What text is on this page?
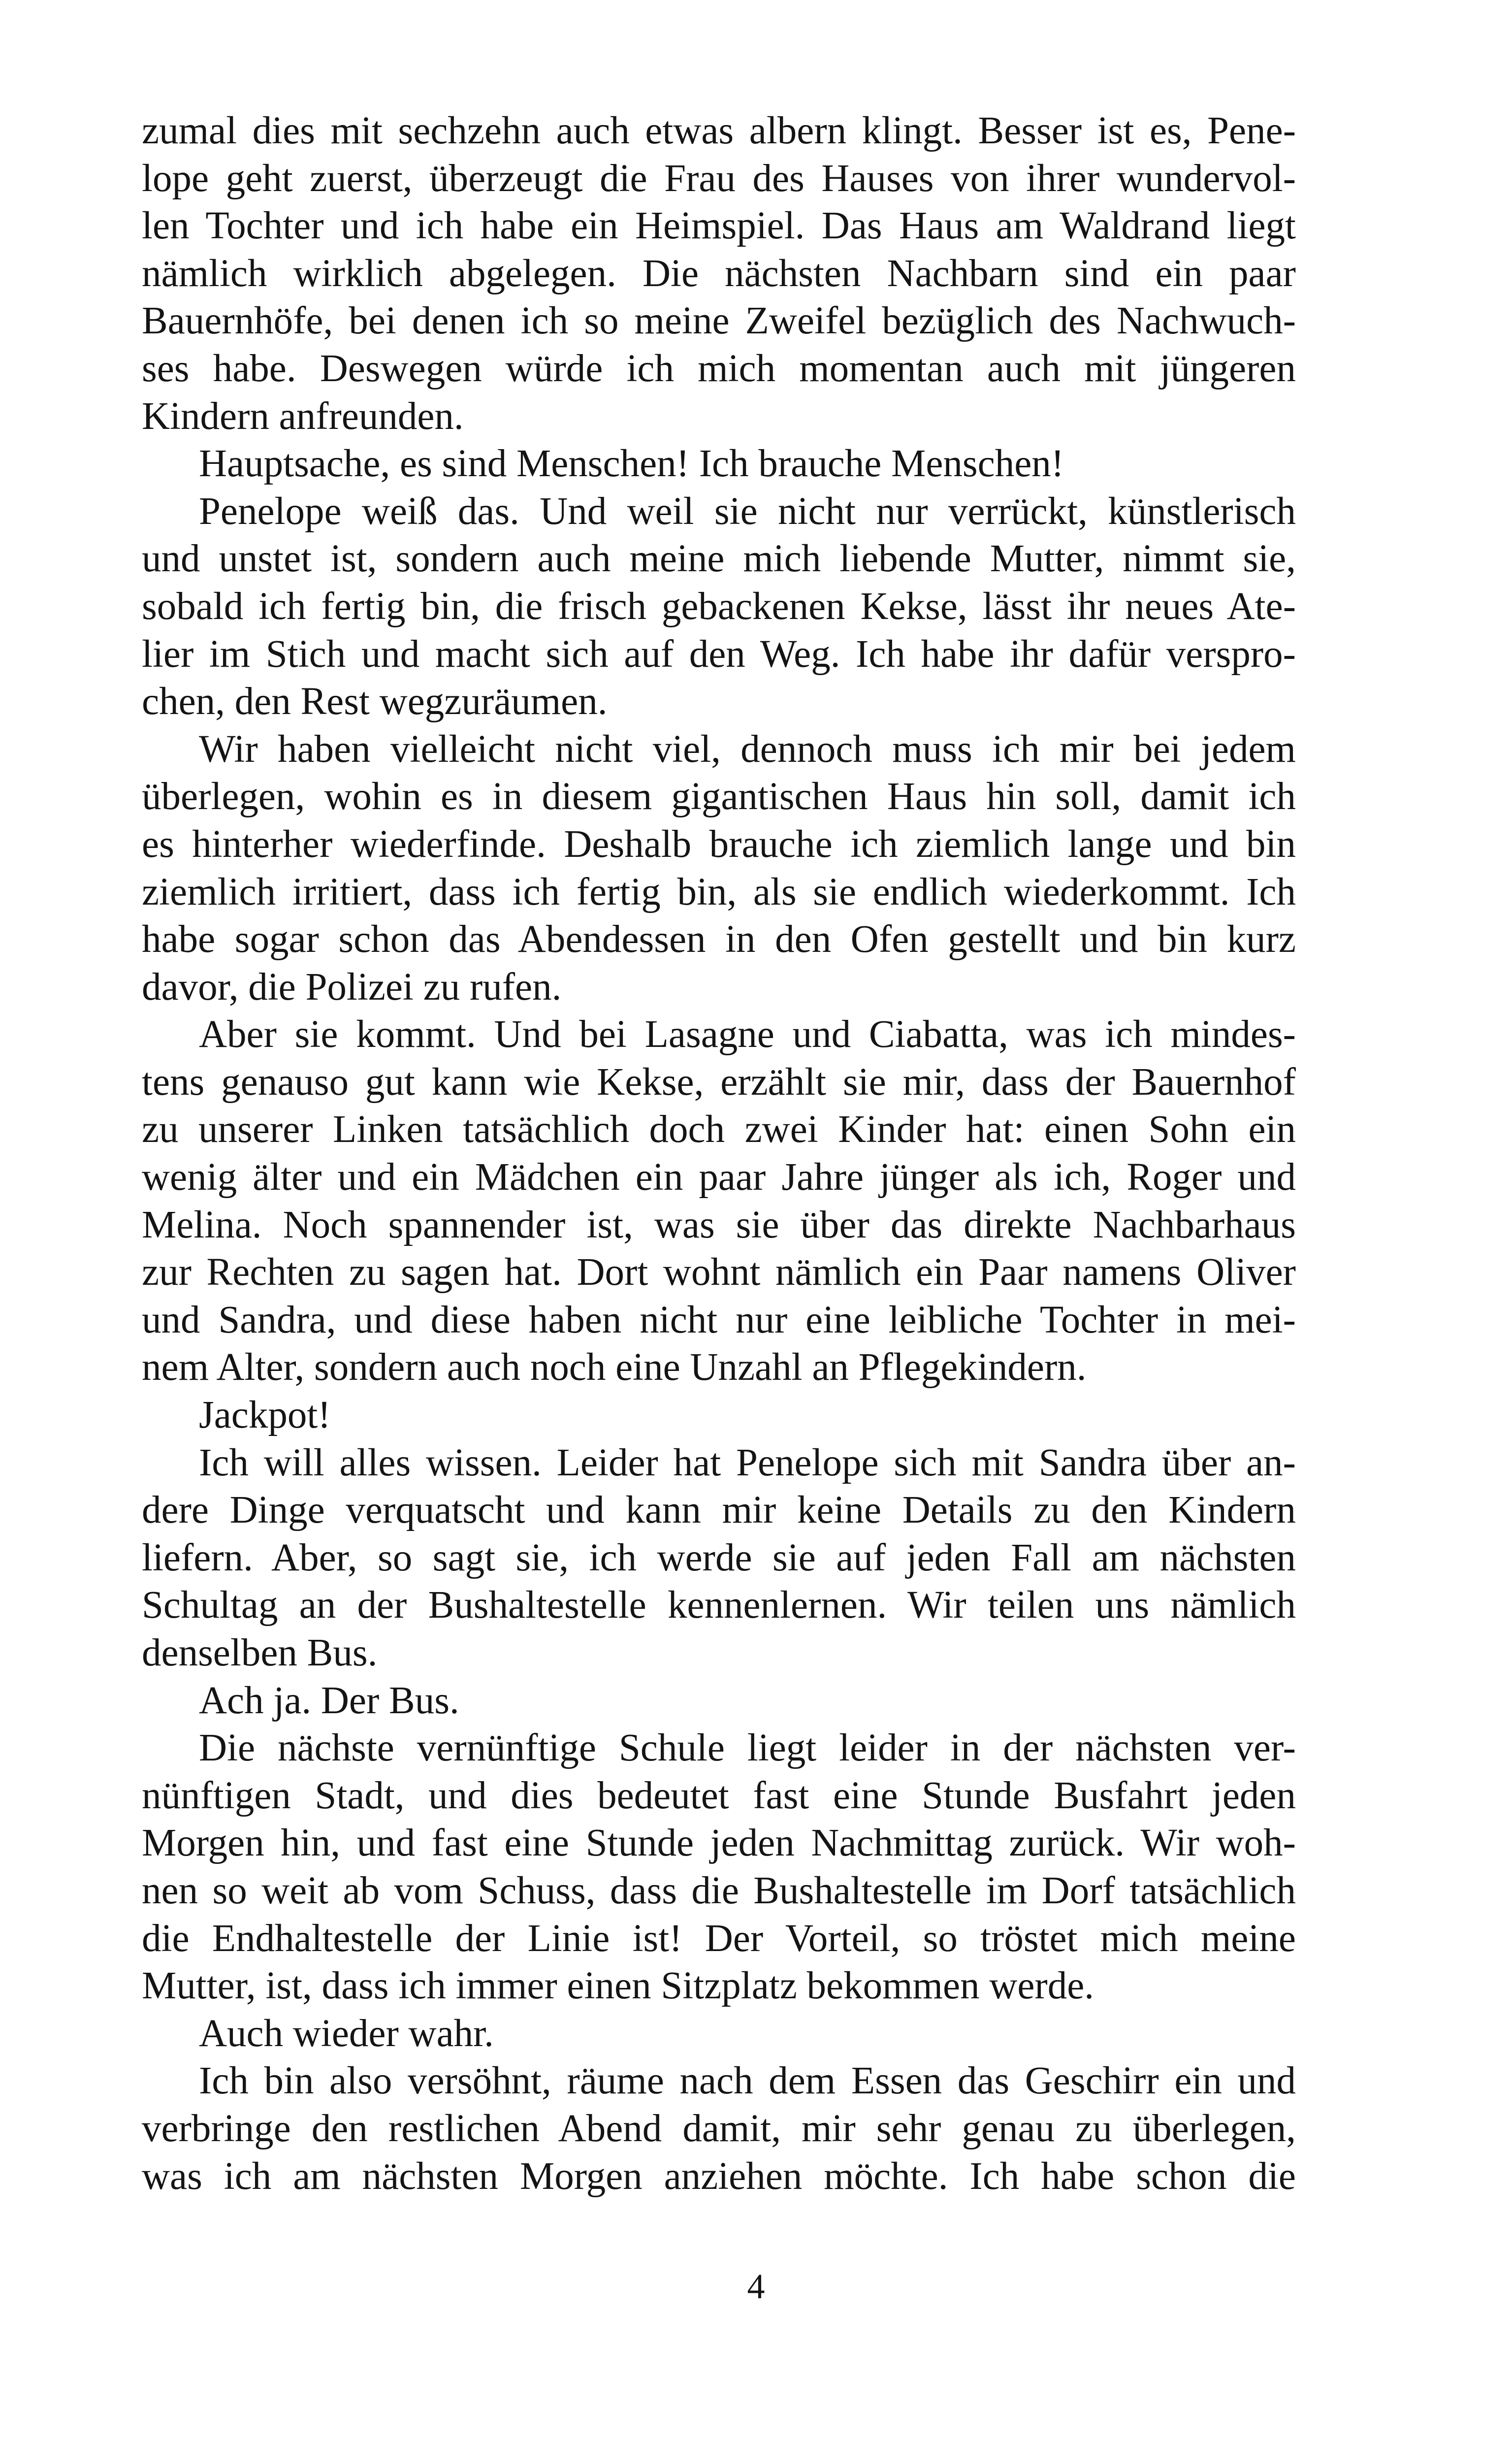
zumal dies mit sechzehn auch etwas albern klingt. Besser ist es, Pene-
lope geht zuerst, überzeugt die Frau des Hauses von ihrer wundervol-
len Tochter und ich habe ein Heimspiel. Das Haus am Waldrand liegt
nämlich wirklich abgelegen. Die nächsten Nachbarn sind ein paar
Bauernhöfe, bei denen ich so meine Zweifel bezüglich des Nachwuch-
ses habe. Deswegen würde ich mich momentan auch mit jüngeren
Kindern anfreunden.
Hauptsache, es sind Menschen! Ich brauche Menschen!
Penelope weiß das. Und weil sie nicht nur verrückt, künstlerisch
und unstet ist, sondern auch meine mich liebende Mutter, nimmt sie,
sobald ich fertig bin, die frisch gebackenen Kekse, lässt ihr neues Ate-
lier im Stich und macht sich auf den Weg. Ich habe ihr dafür verspro-
chen, den Rest wegzuräumen.
Wir haben vielleicht nicht viel, dennoch muss ich mir bei jedem
überlegen, wohin es in diesem gigantischen Haus hin soll, damit ich
es hinterher wiederfinde. Deshalb brauche ich ziemlich lange und bin
ziemlich irritiert, dass ich fertig bin, als sie endlich wiederkommt. Ich
habe sogar schon das Abendessen in den Ofen gestellt und bin kurz
davor, die Polizei zu rufen.
Aber sie kommt. Und bei Lasagne und Ciabatta, was ich mindes-
tens genauso gut kann wie Kekse, erzählt sie mir, dass der Bauernhof
zu unserer Linken tatsächlich doch zwei Kinder hat: einen Sohn ein
wenig älter und ein Mädchen ein paar Jahre jünger als ich, Roger und
Melina. Noch spannender ist, was sie über das direkte Nachbarhaus
zur Rechten zu sagen hat. Dort wohnt nämlich ein Paar namens Oliver
und Sandra, und diese haben nicht nur eine leibliche Tochter in mei-
nem Alter, sondern auch noch eine Unzahl an Pflegekindern.
Jackpot!
Ich will alles wissen. Leider hat Penelope sich mit Sandra über an-
dere Dinge verquatscht und kann mir keine Details zu den Kindern
liefern. Aber, so sagt sie, ich werde sie auf jeden Fall am nächsten
Schultag an der Bushaltestelle kennenlernen. Wir teilen uns nämlich
denselben Bus.
Ach ja. Der Bus.
Die nächste vernünftige Schule liegt leider in der nächsten ver-
nünftigen Stadt, und dies bedeutet fast eine Stunde Busfahrt jeden
Morgen hin, und fast eine Stunde jeden Nachmittag zurück. Wir woh-
nen so weit ab vom Schuss, dass die Bushaltestelle im Dorf tatsächlich
die Endhaltestelle der Linie ist! Der Vorteil, so tröstet mich meine
Mutter, ist, dass ich immer einen Sitzplatz bekommen werde.
Auch wieder wahr.
Ich bin also versöhnt, räume nach dem Essen das Geschirr ein und
verbringe den restlichen Abend damit, mir sehr genau zu überlegen,
was ich am nächsten Morgen anziehen möchte. Ich habe schon die
4
